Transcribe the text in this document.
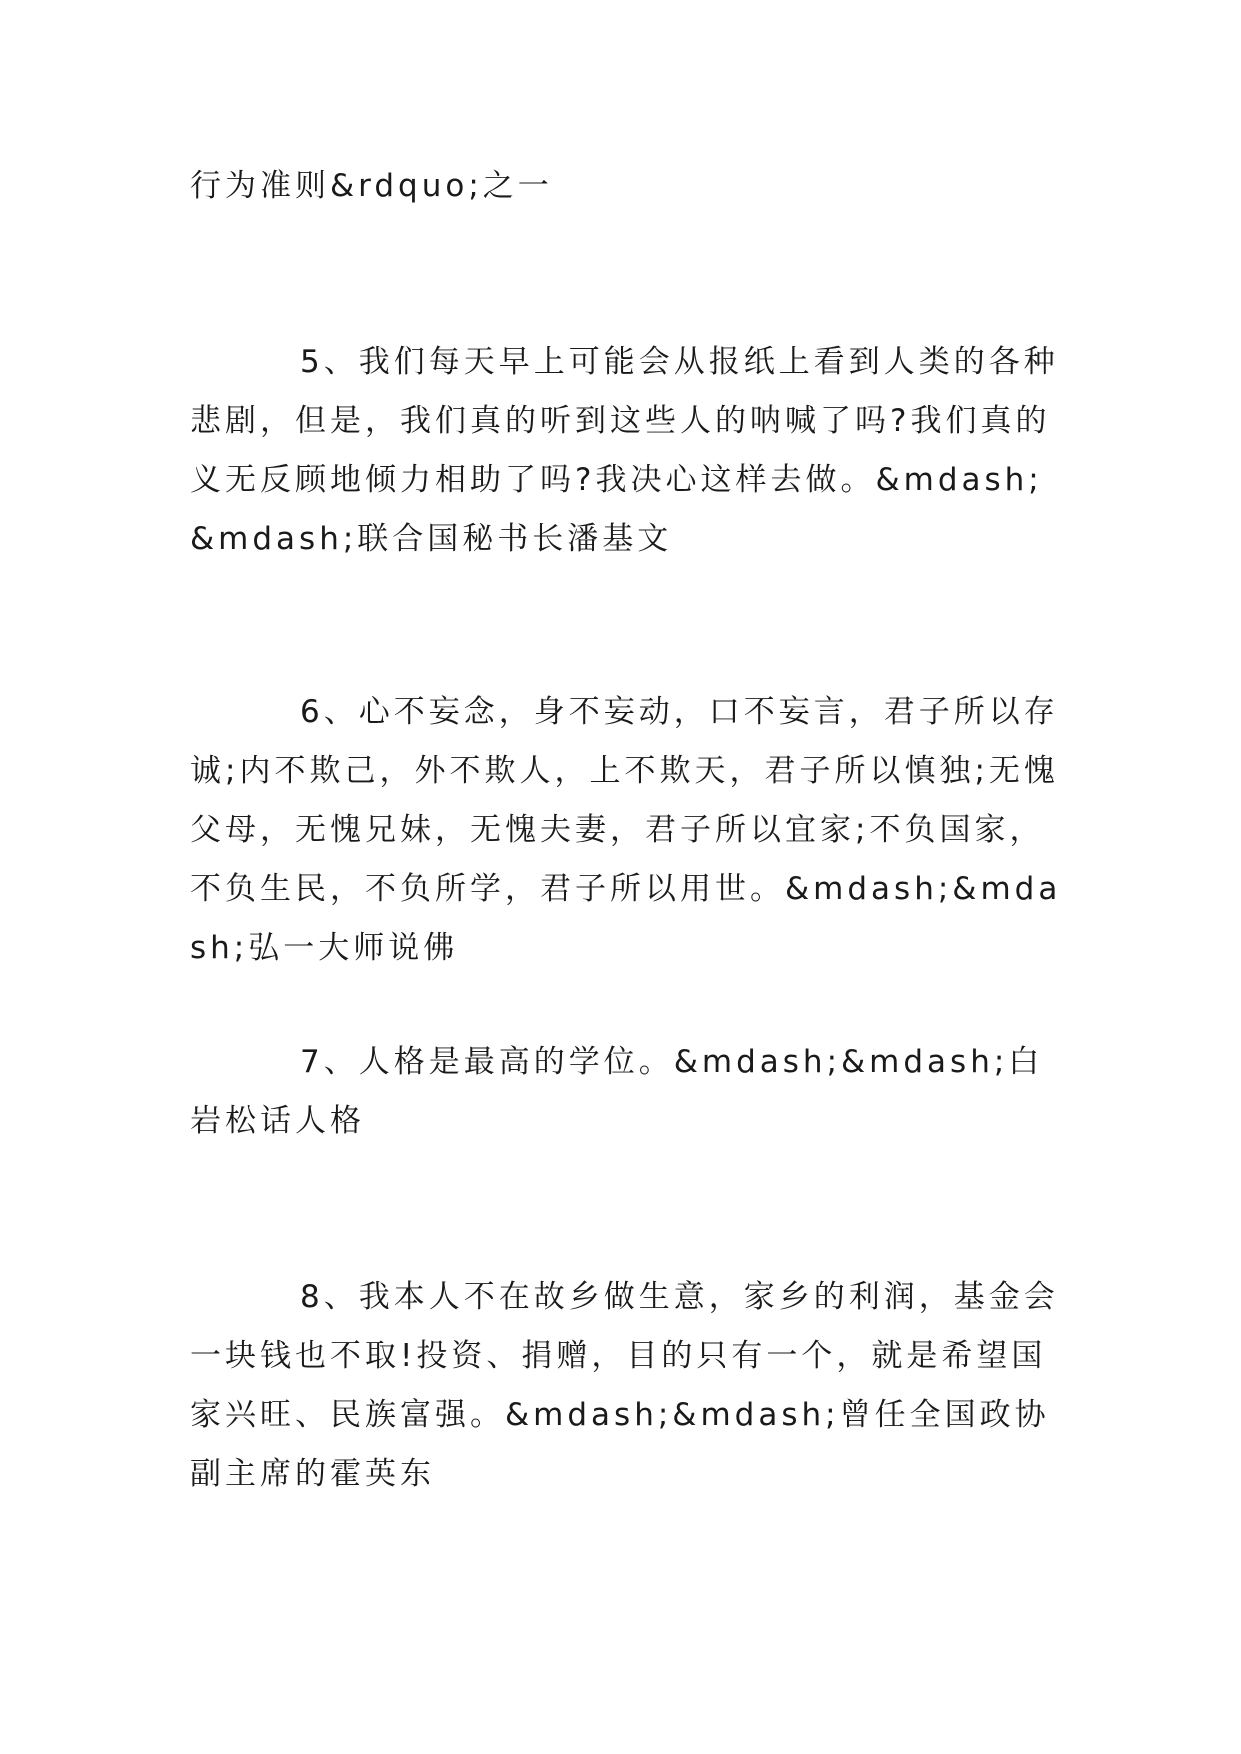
行为准则&rdquo;之一

5、我们每天早上可能会从报纸上看到人类的各种悲剧，但是，我们真的听到这些人的呐喊了吗?我们真的义无反顾地倾力相助了吗?我决心这样去做。&mdash;&mdash;联合国秘书长潘基文

6、心不妄念，身不妄动，口不妄言，君子所以存诚;内不欺己，外不欺人，上不欺天，君子所以慎独;无愧父母，无愧兄妹，无愧夫妻，君子所以宜家;不负国家，不负生民，不负所学，君子所以用世。&mdash;&mdash;弘一大师说佛

7、人格是最高的学位。&mdash;&mdash;白岩松话人格

8、我本人不在故乡做生意，家乡的利润，基金会一块钱也不取!投资、捐赠，目的只有一个，就是希望国家兴旺、民族富强。&mdash;&mdash;曾任全国政协副主席的霍英东
